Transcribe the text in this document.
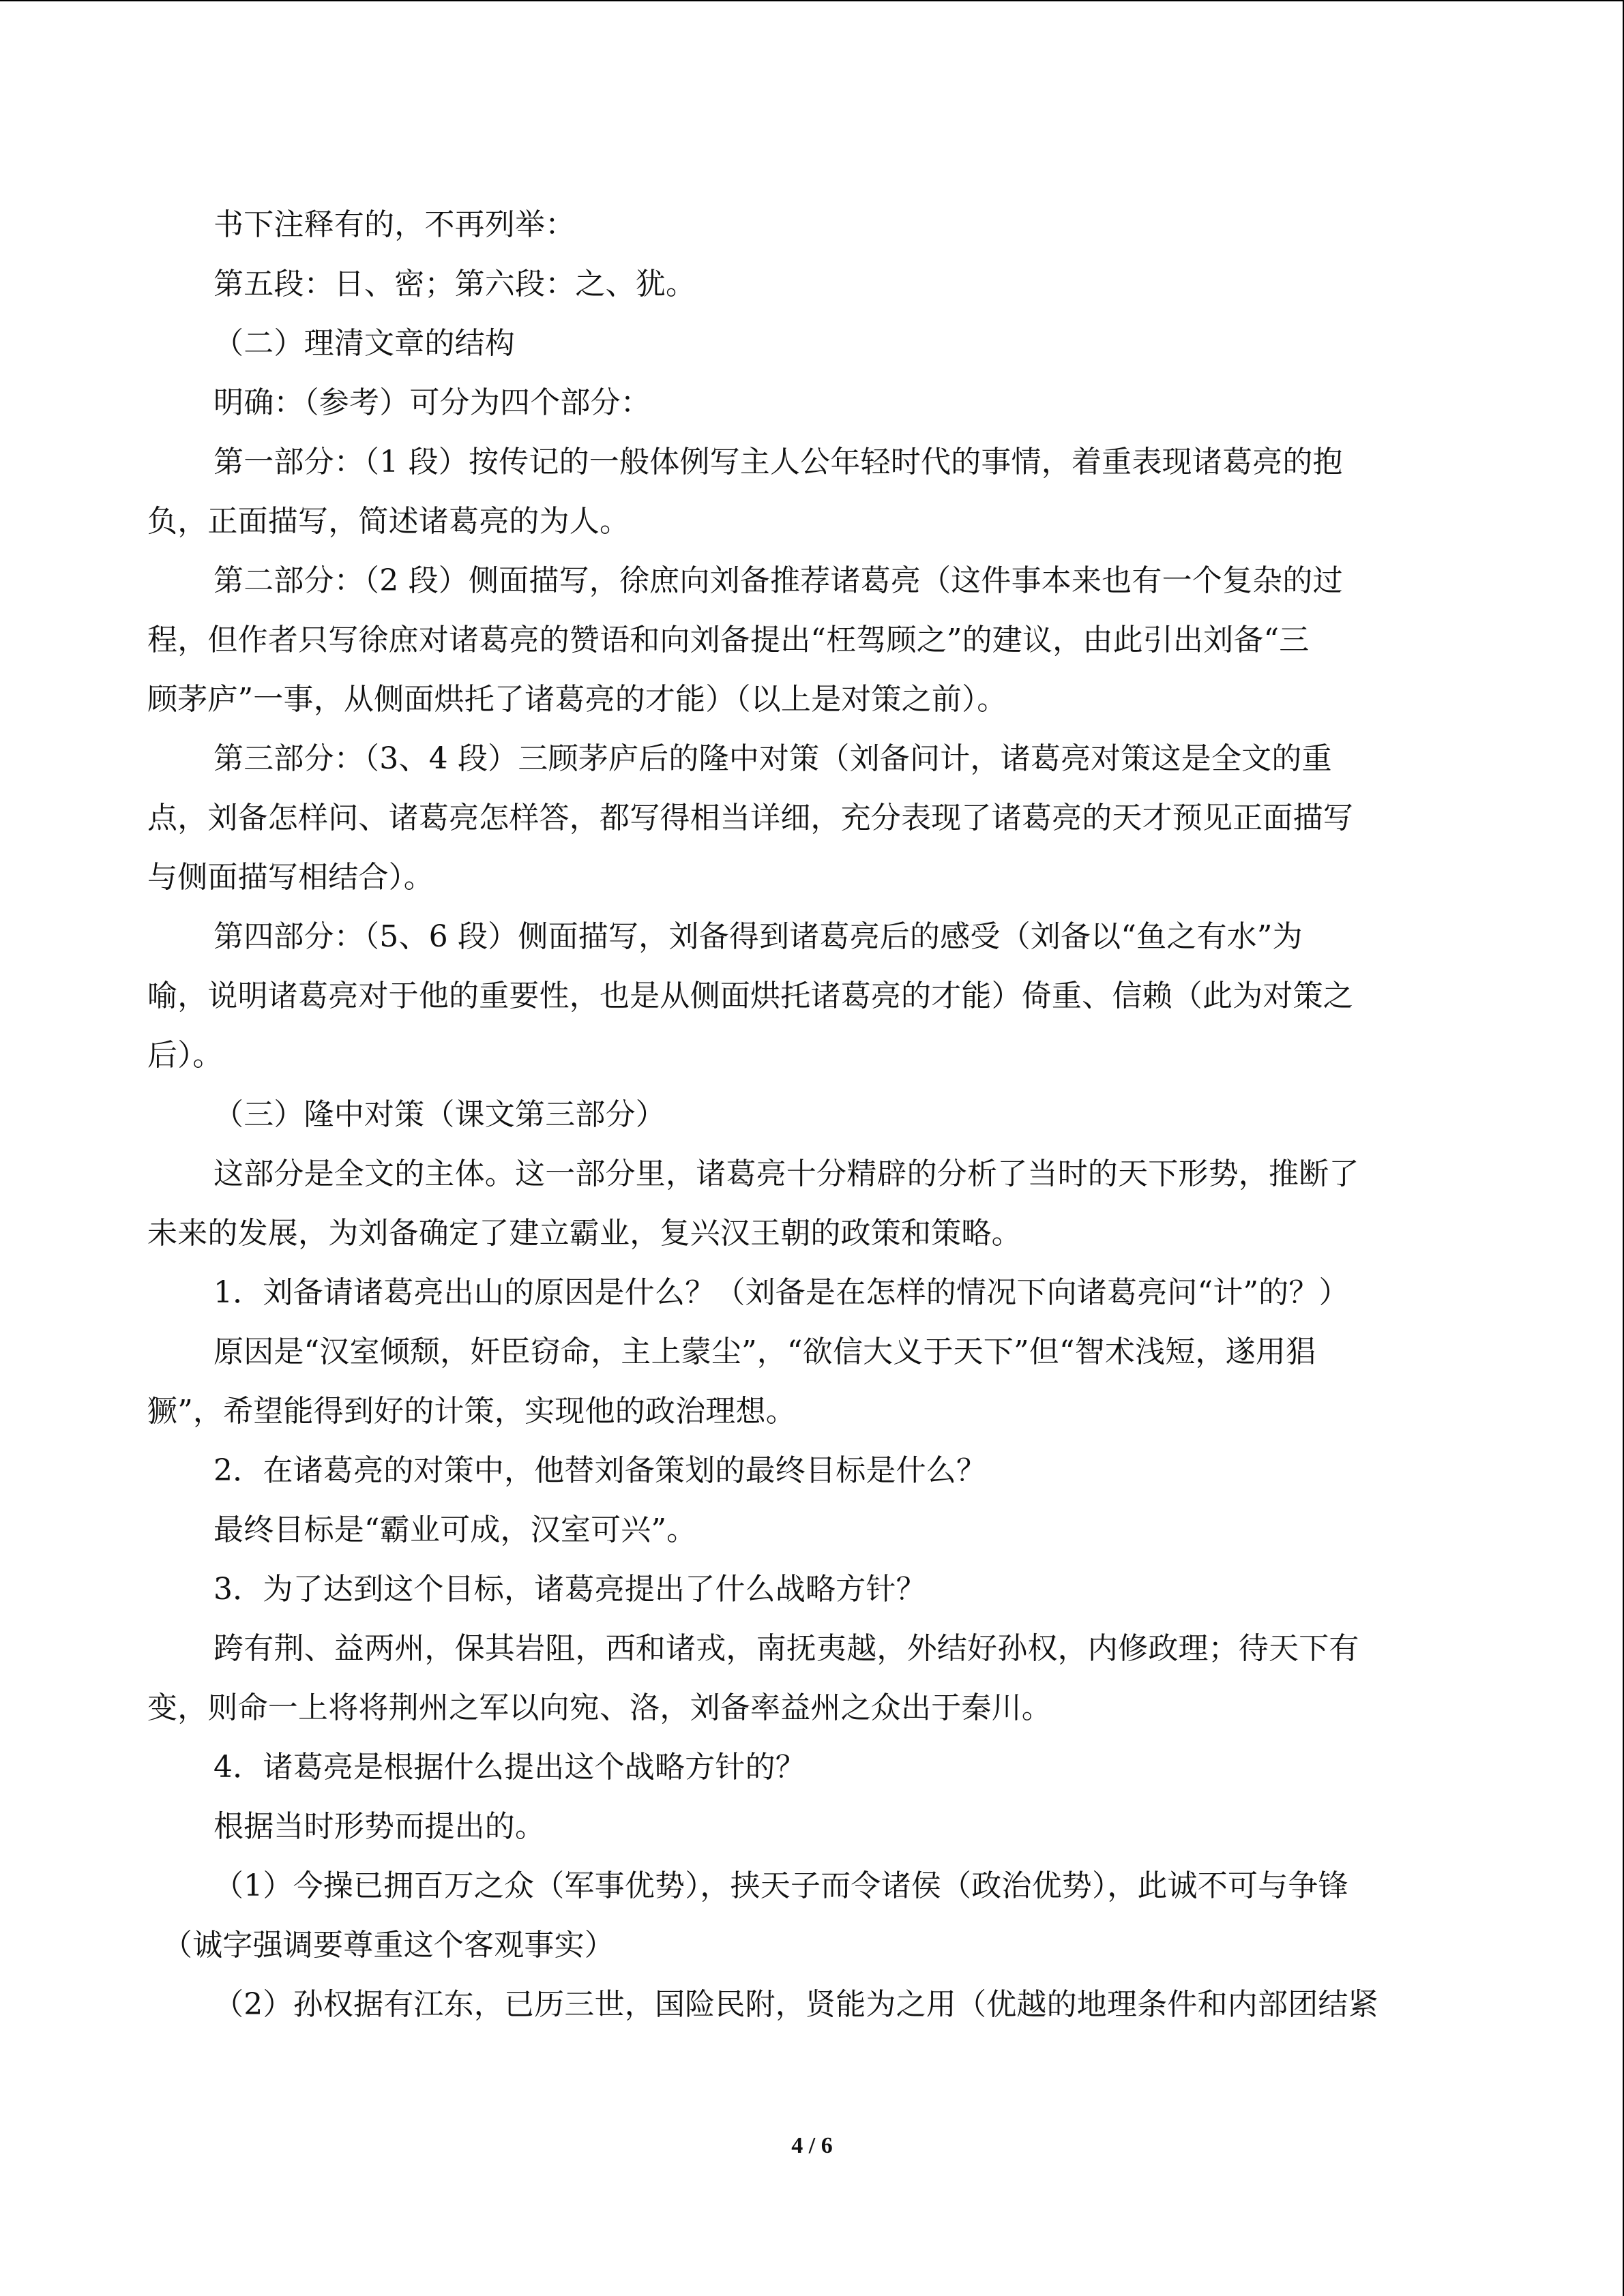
书下注释有的，不再列举：
第五段：日、密；第六段：之、犹。
（二）理清文章的结构
明确：（参考）可分为四个部分：
第一部分：（1 段）按传记的一般体例写主人公年轻时代的事情，着重表现诸葛亮的抱
负，正面描写，简述诸葛亮的为人。
第二部分：（2 段）侧面描写，徐庶向刘备推荐诸葛亮（这件事本来也有一个复杂的过
程，但作者只写徐庶对诸葛亮的赞语和向刘备提出“枉驾顾之”的建议，由此引出刘备“三
顾茅庐”一事，从侧面烘托了诸葛亮的才能）（以上是对策之前）。
第三部分：（3、4 段）三顾茅庐后的隆中对策（刘备问计，诸葛亮对策这是全文的重
点，刘备怎样问、诸葛亮怎样答，都写得相当详细，充分表现了诸葛亮的天才预见正面描写
与侧面描写相结合）。
第四部分：（5、6 段）侧面描写，刘备得到诸葛亮后的感受（刘备以“鱼之有水”为
喻，说明诸葛亮对于他的重要性，也是从侧面烘托诸葛亮的才能）倚重、信赖（此为对策之
后）。
（三）隆中对策（课文第三部分）
这部分是全文的主体。这一部分里，诸葛亮十分精辟的分析了当时的天下形势，推断了
未来的发展，为刘备确定了建立霸业，复兴汉王朝的政策和策略。
1．刘备请诸葛亮出山的原因是什么？（刘备是在怎样的情况下向诸葛亮问“计”的？）
原因是“汉室倾颓，奸臣窃命，主上蒙尘”，“欲信大义于天下”但“智术浅短，遂用猖
獗”，希望能得到好的计策，实现他的政治理想。
2．在诸葛亮的对策中，他替刘备策划的最终目标是什么？
最终目标是“霸业可成，汉室可兴”。
3．为了达到这个目标，诸葛亮提出了什么战略方针？
跨有荆、益两州，保其岩阻，西和诸戎，南抚夷越，外结好孙权，内修政理；待天下有
变，则命一上将将荆州之军以向宛、洛，刘备率益州之众出于秦川。
4．诸葛亮是根据什么提出这个战略方针的？
根据当时形势而提出的。
（1）今操已拥百万之众（军事优势），挟天子而令诸侯（政治优势），此诚不可与争锋
（诚字强调要尊重这个客观事实）
（2）孙权据有江东，已历三世，国险民附，贤能为之用（优越的地理条件和内部团结紧
4 / 6
